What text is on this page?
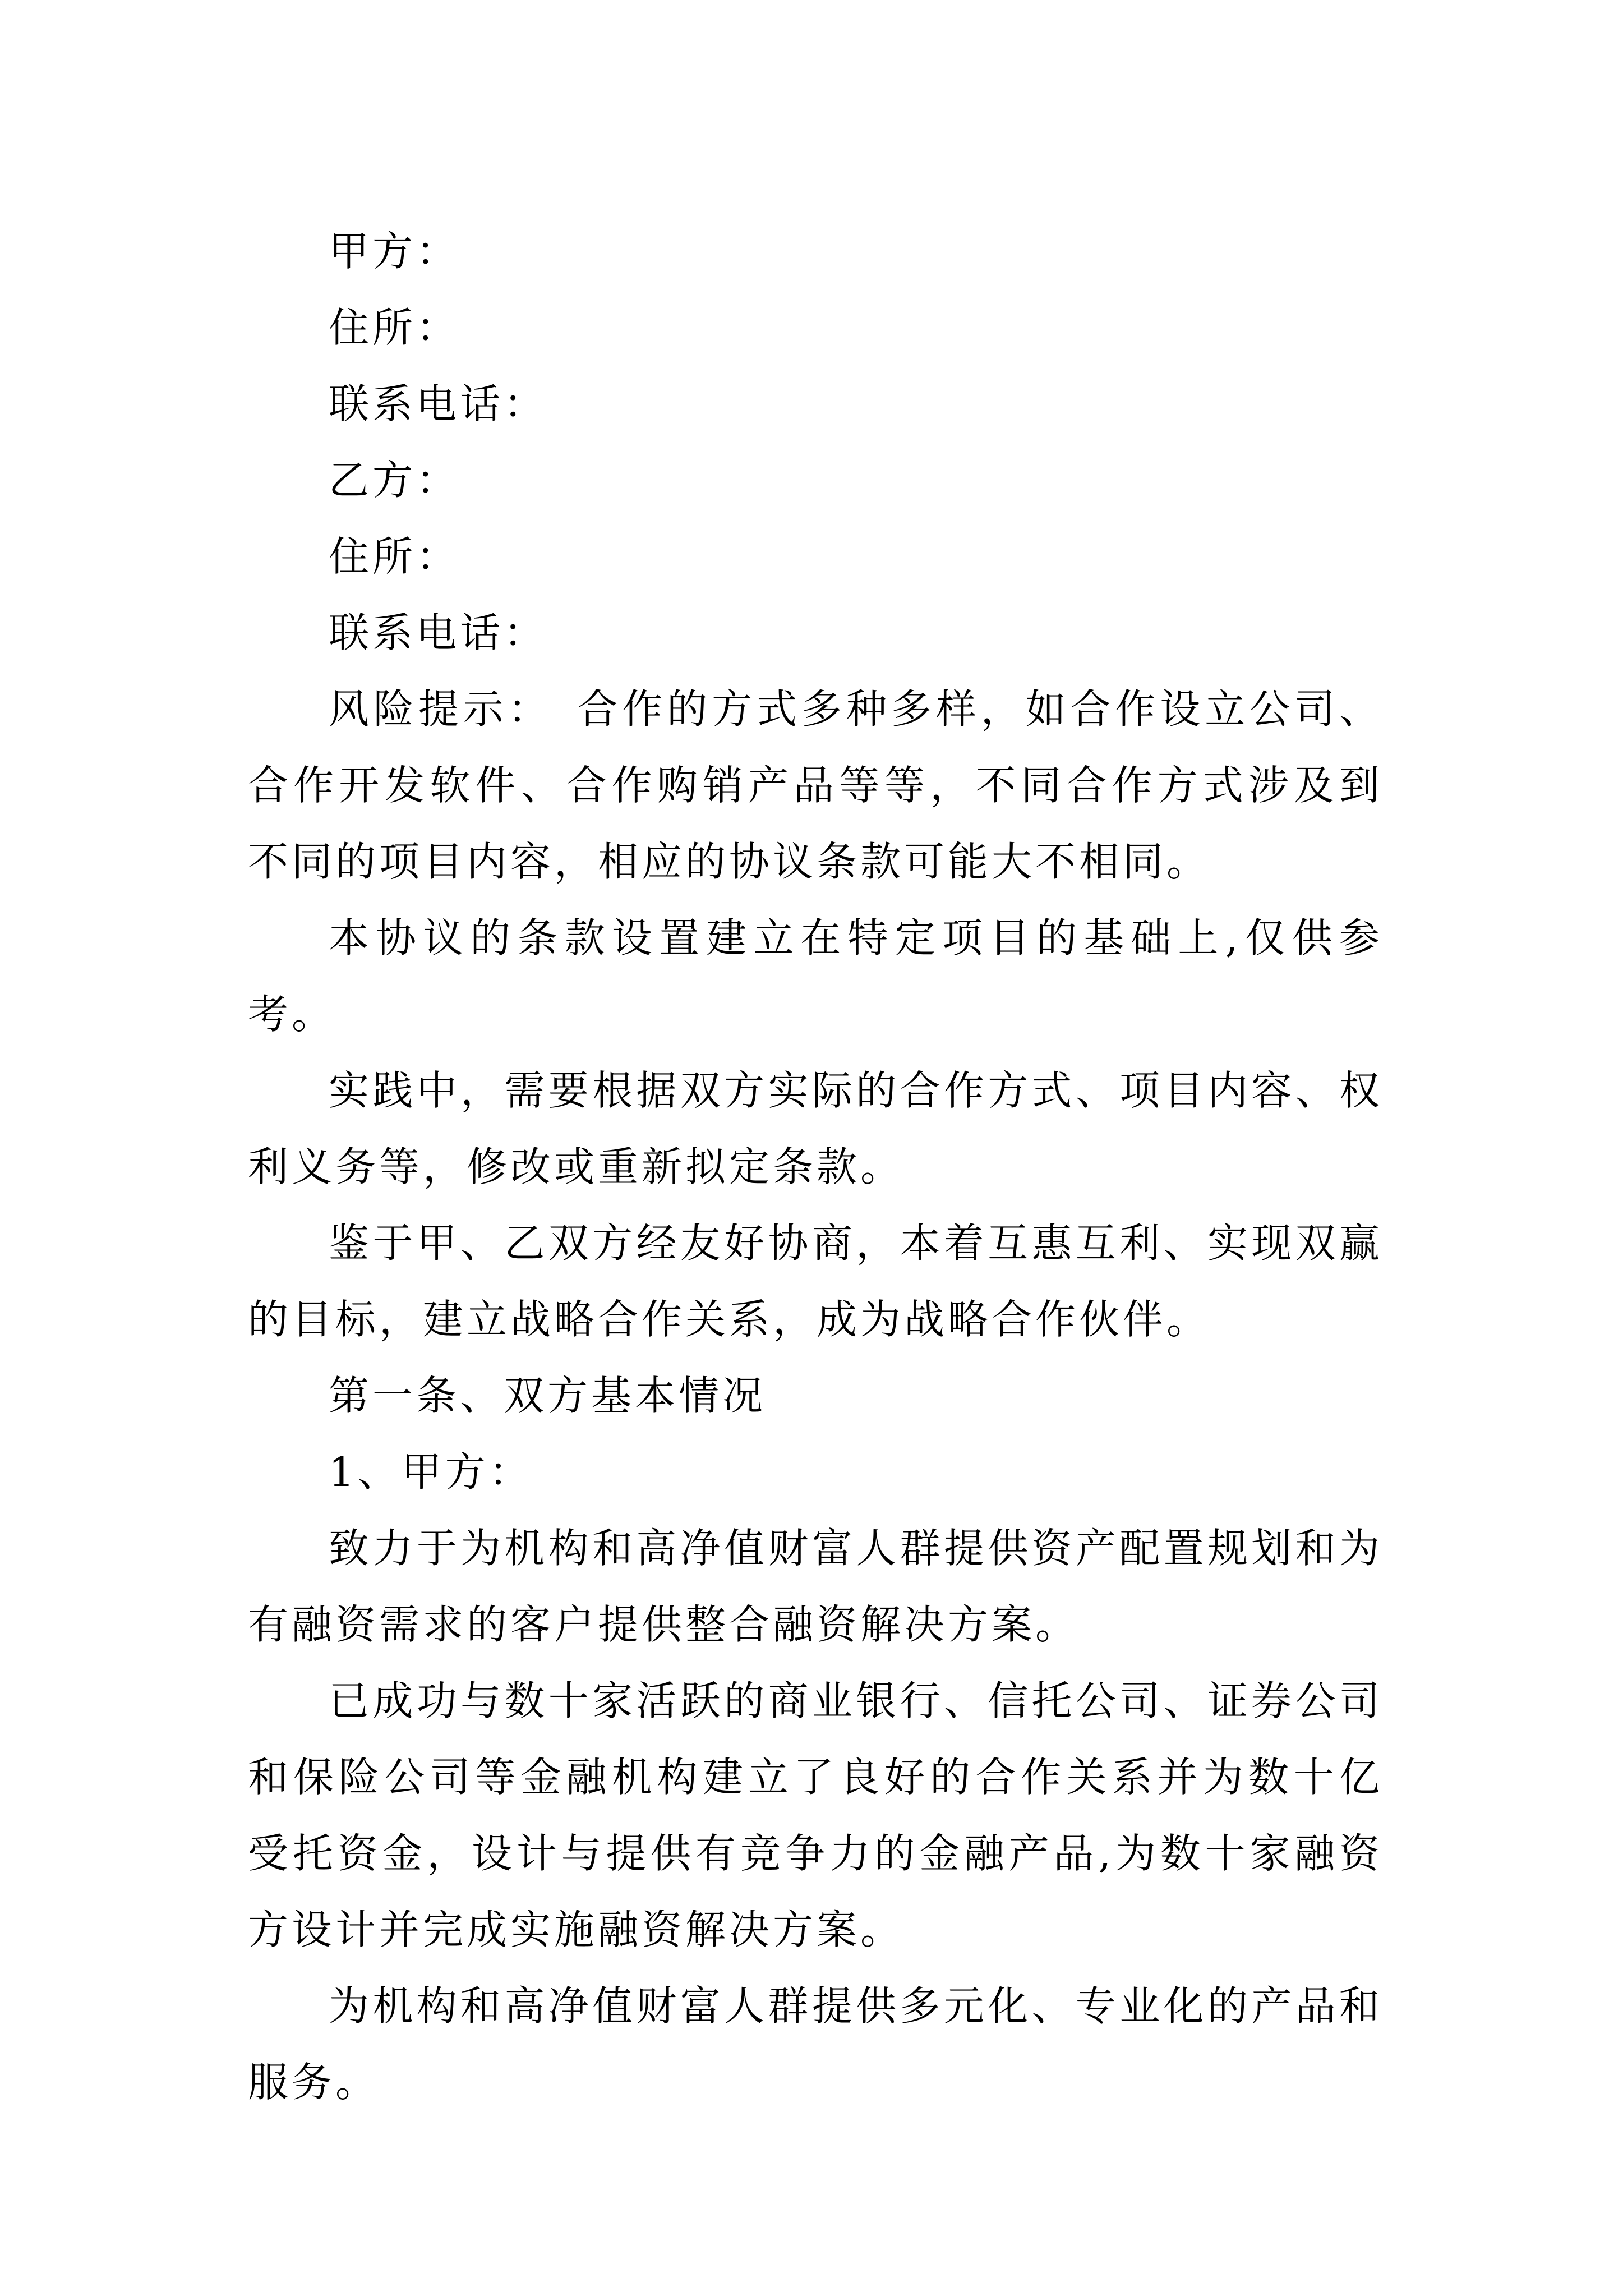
甲方：

住所：

联系电话：

乙方：

住所：

联系电话：

风险提示：　合作的方式多种多样，如合作设立公司、合作开发软件、合作购销产品等等，不同合作方式涉及到不同的项目内容，相应的协议条款可能大不相同。

本协议的条款设置建立在特定项目的基础上,仅供参考。

实践中，需要根据双方实际的合作方式、项目内容、权利义务等，修改或重新拟定条款。

鉴于甲、乙双方经友好协商，本着互惠互利、实现双赢的目标，建立战略合作关系，成为战略合作伙伴。

第一条、双方基本情况

1、甲方：

致力于为机构和高净值财富人群提供资产配置规划和为有融资需求的客户提供整合融资解决方案。

已成功与数十家活跃的商业银行、信托公司、证券公司和保险公司等金融机构建立了良好的合作关系并为数十亿受托资金，设计与提供有竞争力的金融产品,为数十家融资方设计并完成实施融资解决方案。

为机构和高净值财富人群提供多元化、专业化的产品和服务。
